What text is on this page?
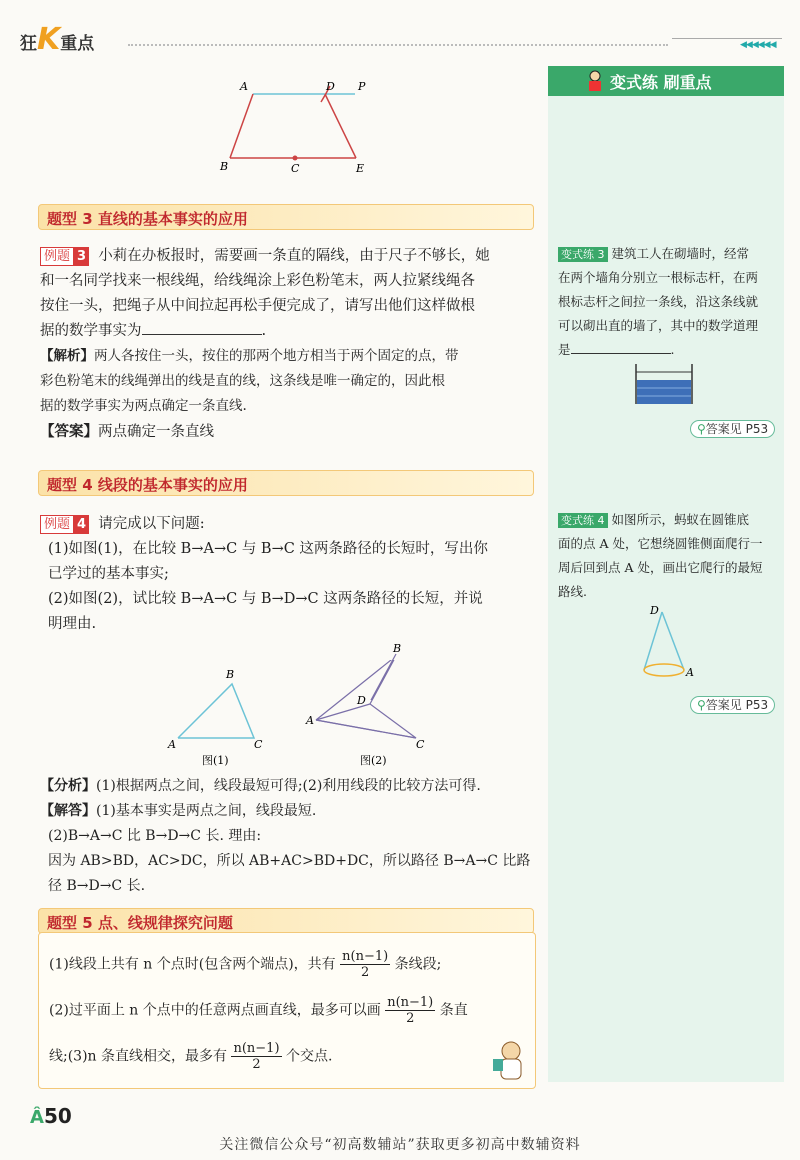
狂K重点	◀◀◀◀◀◀
A	D P
B	C	E
题型 3 直线的基本事实的应用
例题 3 小莉在办板报时，需要画一条直的隔线，由于尺子不够长，她
和一名同学找来一根线绳，给线绳涂上彩色粉笔末，两人拉紧线绳各
按住一头，把绳子从中间拉起再松手便完成了，请写出他们这样做根
据的数学事实为	.
【解析】两人各按住一头，按住的那两个地方相当于两个固定的点，带
彩色粉笔末的线绳弹出的线是直的线，这条线是唯一确定的，因此根
据的数学事实为两点确定一条直线.
【答案】两点确定一条直线
题型 4 线段的基本事实的应用
例题 4 请完成以下问题:
(1)如图(1)，在比较 B→A→C 与 B→C 这两条路径的长短时，写出你
已学过的基本事实;
(2)如图(2)，试比较 B→A→C 与 B→D→C 这两条路径的长短，并说
明理由.
B
A	C
图(1)
D
A
C
图(2)
B
【分析】(1)根据两点之间，线段最短可得;(2)利用线段的比较方法可得.
【解答】(1)基本事实是两点之间，线段最短.
(2)B→A→C 比 B→D→C 长. 理由:
因为 AB>BD，AC>DC，所以 AB+AC>BD+DC，所以路径 B→A→C 比路
径 B→D→C 长.
题型 5 点、线规律探究问题
(1)线段上共有 n 个点时(包含两个端点)，共有 $\frac{n(n-1)}{2}$ 条线段;
(2)过平面上 n 个点中的任意两点画直线，最多可以画 $\frac{n(n-1)}{2}$ 条直
线;(3)n 条直线相交，最多有 $\frac{n(n-1)}{2}$ 个交点.
变式练 刷重点
变式练 3 建筑工人在砌墙时，经常
在两个墙角分别立一根标志杆，在两
根标志杆之间拉一条线，沿这条线就
可以砌出直的墙了，其中的数学道理
是	.
⚲答案见 P53
变式练 4 如图所示，蚂蚁在圆锥底
面的点 A 处，它想绕圆锥侧面爬行一
周后回到点 A 处，画出它爬行的最短
路线.
D
A
⚲答案见 P53
Â50
关注微信公众号“初高数辅站”获取更多初高中数辅资料
